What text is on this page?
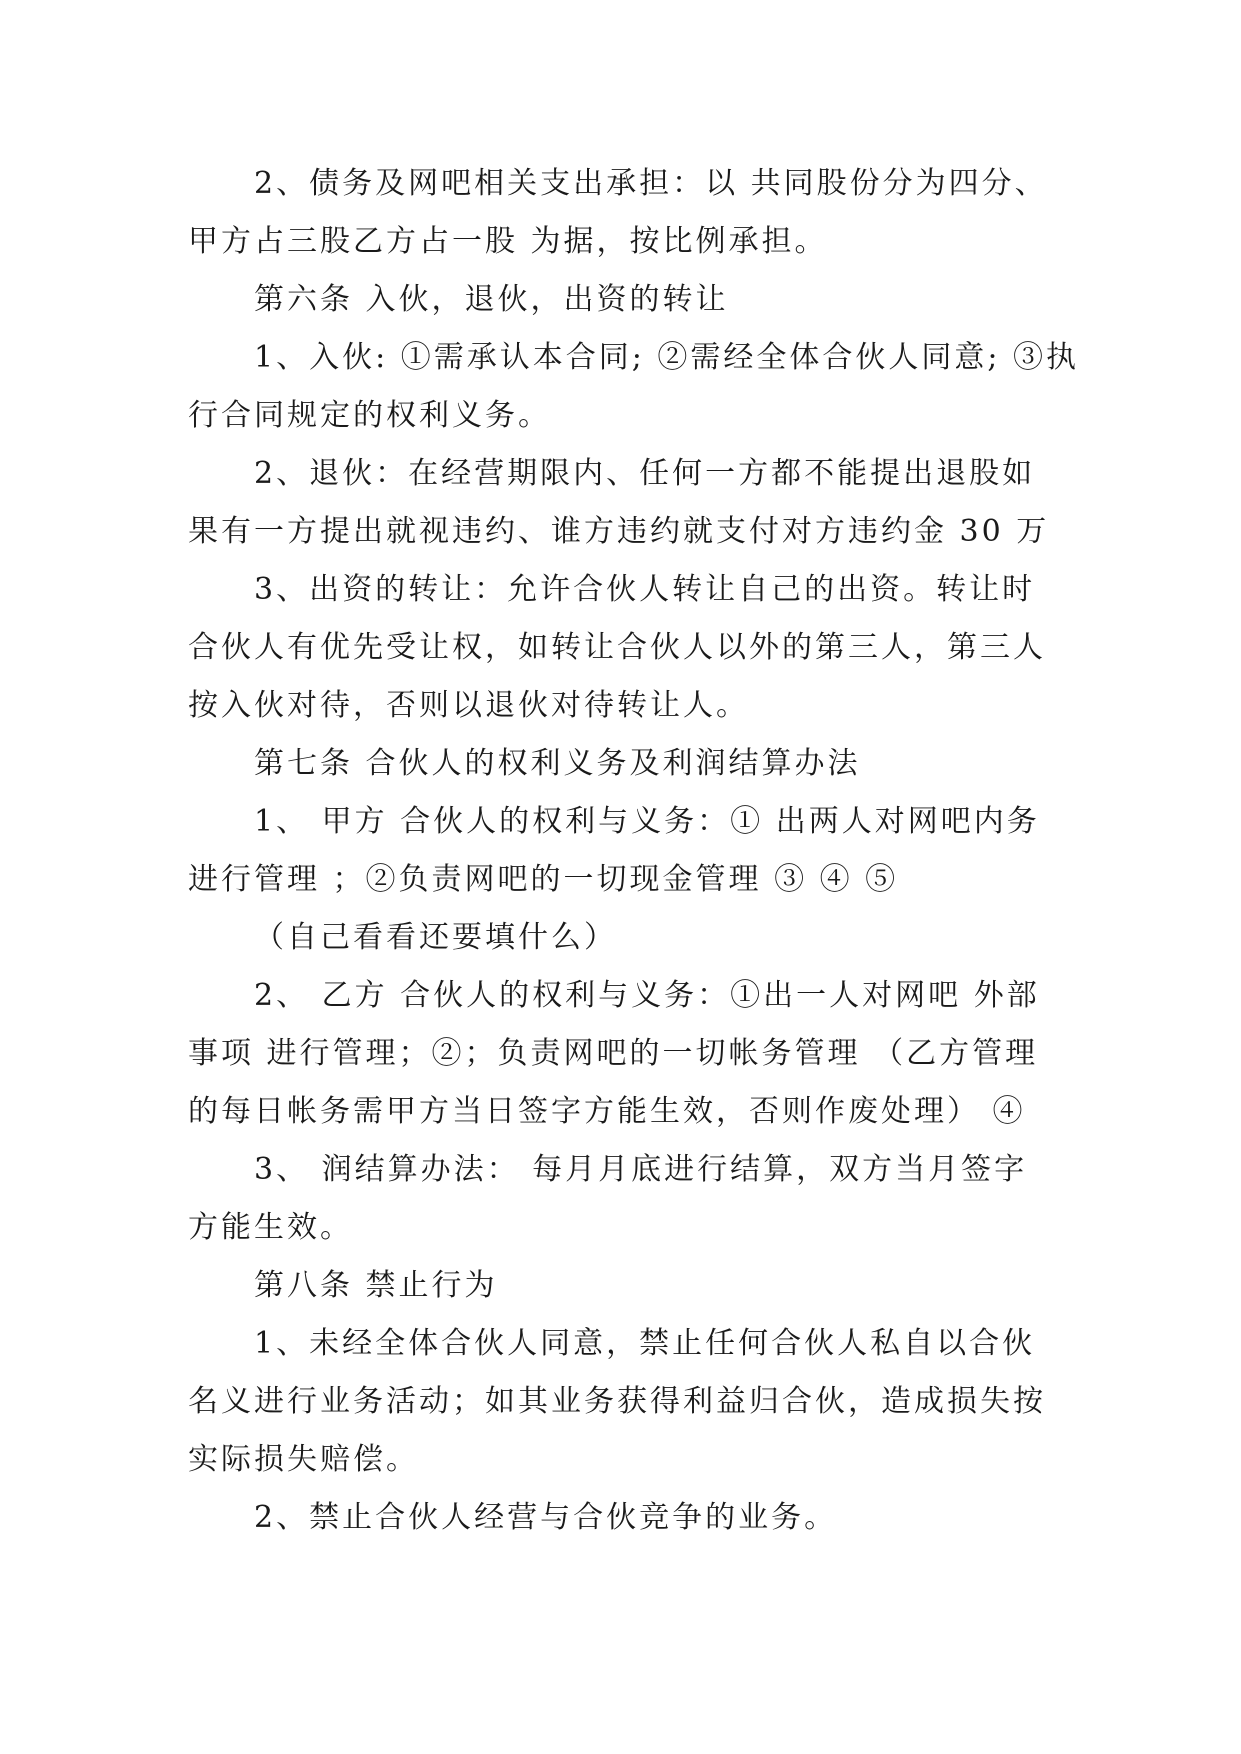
2、债务及网吧相关支出承担：以 共同股份分为四分、
甲方占三股乙方占一股 为据，按比例承担。
第六条 入伙，退伙，出资的转让
1、入伙: ①需承认本合同; ②需经全体合伙人同意; ③执
行合同规定的权利义务。
2、退伙：在经营期限内、任何一方都不能提出退股如
果有一方提出就视违约、谁方违约就支付对方违约金 30 万
3、出资的转让：允许合伙人转让自己的出资。转让时
合伙人有优先受让权，如转让合伙人以外的第三人，第三人
按入伙对待，否则以退伙对待转让人。
第七条 合伙人的权利义务及利润结算办法
1、 甲方 合伙人的权利与义务：① 出两人对网吧内务
进行管理 ；②负责网吧的一切现金管理 ③ ④ ⑤
（自己看看还要填什么）
2、 乙方 合伙人的权利与义务：①出一人对网吧 外部
事项 进行管理；②；负责网吧的一切帐务管理 （乙方管理
的每日帐务需甲方当日签字方能生效，否则作废处理） ④
3、 润结算办法： 每月月底进行结算，双方当月签字
方能生效。
第八条 禁止行为
1、未经全体合伙人同意，禁止任何合伙人私自以合伙
名义进行业务活动；如其业务获得利益归合伙，造成损失按
实际损失赔偿。
2、禁止合伙人经营与合伙竞争的业务。
